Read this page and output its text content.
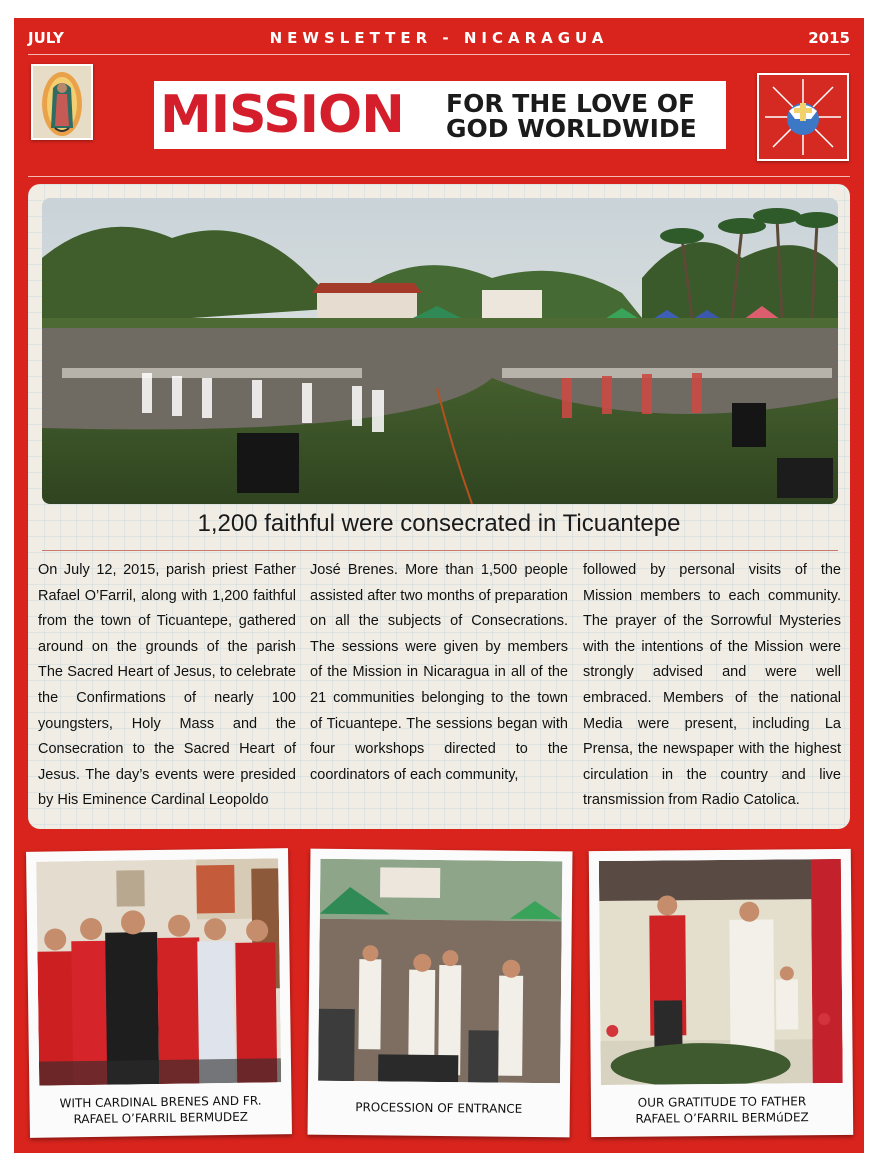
JULY	NEWSLETTER - NICARAGUA	2015
MISSION FOR THE LOVE OF
GOD WORLDWIDE
1,200 faithful were consecrated in Ticuantepe
On July 12, 2015, parish priest Father Rafael O’Farril, along with 1,200 faithful from the town of Ticuantepe, gathered around on the grounds of the parish The Sacred Heart of Jesus, to celebrate the Confirmations of nearly 100 youngsters, Holy Mass and the Consecration to the Sacred Heart of Jesus. The day’s events were presided by His Eminence Cardinal Leopoldo
José Brenes. More than 1,500 people assisted after two months of preparation on all the subjects of Consecrations. The sessions were given by members of the Mission in Nicaragua in all of the 21 communities belonging to the town of Ticuantepe. The sessions began with four workshops directed to the coordinators of each community,
followed by personal visits of the Mission members to each community. The prayer of the Sorrowful Mysteries with the intentions of the Mission were strongly advised and were well embraced. Members of the national Media were present, including La Prensa, the newspaper with the highest circulation in the country and live transmission from Radio Catolica.
WITH CARDINAL BRENES AND FR.
RAFAEL O’FARRIL BERMUDEZ
PROCESSION OF ENTRANCE	OUR GRATITUDE TO FATHER
RAFAEL O’FARRIL BERMúDEZ
